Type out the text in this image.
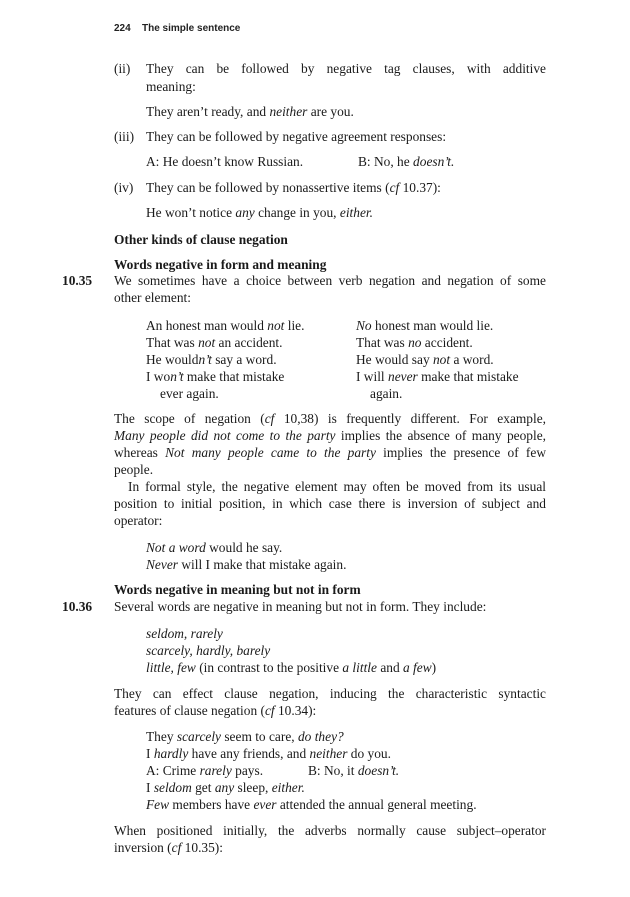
224 The simple sentence
(ii) They can be followed by negative tag clauses, with additive
meaning:
They aren’t ready, and neither are you.
(iii) They can be followed by negative agreement responses:
A: He doesn’t know Russian.	B: No, he doesn’t.
(iv) They can be followed by nonassertive items (cf 10.37):
He won’t notice any change in you, either.
Other kinds of clause negation
Words negative in form and meaning
10.35 We sometimes have a choice between verb negation and negation of some
other element:
An honest man would not lie.
That was not an accident.
He wouldn’t say a word.
I won’t make that mistake
ever again.
No honest man would lie.
That was no accident.
He would say not a word.
I will never make that mistake
again.
The scope of negation (cf 10,38) is frequently different. For example,
Many people did not come to the party implies the absence of many people,
whereas Not many people came to the party implies the presence of few
people.
In formal style, the negative element may often be moved from its usual
position to initial position, in which case there is inversion of subject and
operator:
Not a word would he say.
Never will I make that mistake again.
Words negative in meaning but not in form
10.36 Several words are negative in meaning but not in form. They include:
seldom, rarely
scarcely, hardly, barely
little, few (in contrast to the positive a little and a few)
They can effect clause negation, inducing the characteristic syntactic
features of clause negation (cf 10.34):
They scarcely seem to care, do they?
I hardly have any friends, and neither do you.
A: Crime rarely pays.	B: No, it doesn’t.
I seldom get any sleep, either.
Few members have ever attended the annual general meeting.
When positioned initially, the adverbs normally cause subject–operator
inversion (cf 10.35):
